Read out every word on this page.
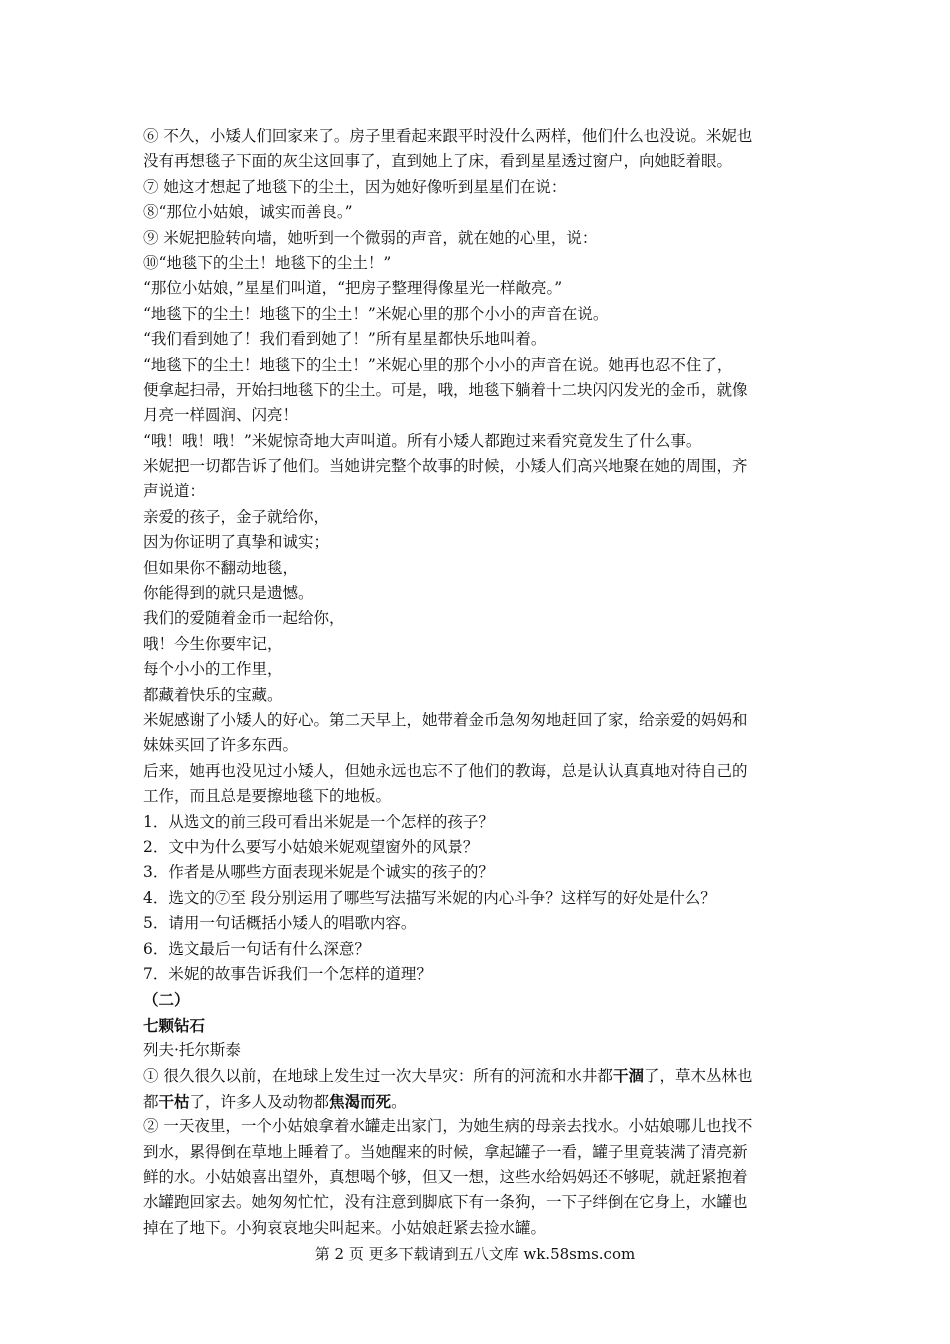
⑥ 不久，小矮人们回家来了。房子里看起来跟平时没什么两样，他们什么也没说。米妮也
没有再想毯子下面的灰尘这回事了，直到她上了床，看到星星透过窗户，向她眨着眼。
⑦ 她这才想起了地毯下的尘土，因为她好像听到星星们在说：
⑧“那位小姑娘，诚实而善良。”
⑨ 米妮把脸转向墙，她听到一个微弱的声音，就在她的心里，说：
⑩“地毯下的尘土！地毯下的尘土！”
“那位小姑娘，”星星们叫道，“把房子整理得像星光一样敞亮。”
“地毯下的尘土！地毯下的尘土！”米妮心里的那个小小的声音在说。
“我们看到她了！我们看到她了！”所有星星都快乐地叫着。
“地毯下的尘土！地毯下的尘土！”米妮心里的那个小小的声音在说。她再也忍不住了，
便拿起扫帚，开始扫地毯下的尘土。可是，哦，地毯下躺着十二块闪闪发光的金币，就像
月亮一样圆润、闪亮！
“哦！哦！哦！”米妮惊奇地大声叫道。所有小矮人都跑过来看究竟发生了什么事。
米妮把一切都告诉了他们。当她讲完整个故事的时候，小矮人们高兴地聚在她的周围，齐
声说道：
亲爱的孩子，金子就给你，
因为你证明了真挚和诚实；
但如果你不翻动地毯，
你能得到的就只是遗憾。
我们的爱随着金币一起给你，
哦！今生你要牢记，
每个小小的工作里，
都藏着快乐的宝藏。
米妮感谢了小矮人的好心。第二天早上，她带着金币急匆匆地赶回了家，给亲爱的妈妈和
妹妹买回了许多东西。
后来，她再也没见过小矮人，但她永远也忘不了他们的教诲，总是认认真真地对待自己的
工作，而且总是要擦地毯下的地板。
1．从选文的前三段可看出米妮是一个怎样的孩子？
2．文中为什么要写小姑娘米妮观望窗外的风景？
3．作者是从哪些方面表现米妮是个诚实的孩子的？
4．选文的⑦至 段分别运用了哪些写法描写米妮的内心斗争？这样写的好处是什么？
5．请用一句话概括小矮人的唱歌内容。
6．选文最后一句话有什么深意？
7．米妮的故事告诉我们一个怎样的道理？
（二）
七颗钻石
列夫·托尔斯泰
① 很久很久以前，在地球上发生过一次大旱灾：所有的河流和水井都干涸了，草木丛林也
都干枯了，许多人及动物都焦渴而死。
② 一天夜里，一个小姑娘拿着水罐走出家门，为她生病的母亲去找水。小姑娘哪儿也找不
到水，累得倒在草地上睡着了。当她醒来的时候，拿起罐子一看，罐子里竟装满了清亮新
鲜的水。小姑娘喜出望外，真想喝个够，但又一想，这些水给妈妈还不够呢，就赶紧抱着
水罐跑回家去。她匆匆忙忙，没有注意到脚底下有一条狗，一下子绊倒在它身上，水罐也
掉在了地下。小狗哀哀地尖叫起来。小姑娘赶紧去捡水罐。
第 2 页 更多下载请到五八文库 wk.58sms.com
